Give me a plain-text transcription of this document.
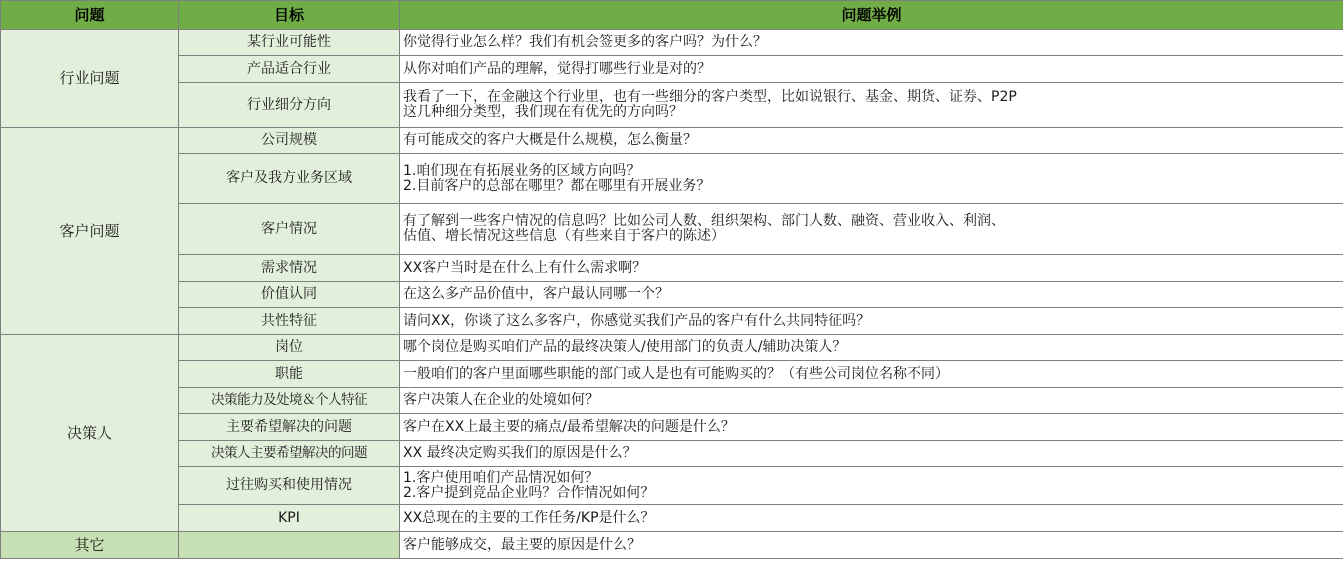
问题	目标	问题举例
行业问题	某行业可能性	你觉得行业怎么样？我们有机会签更多的客户吗？为什么？

	产品适合行业	从你对咱们产品的理解，觉得打哪些行业是对的？

	行业细分方向	我看了一下，在金融这个行业里，也有一些细分的客户类型，比如说银行、基金、期货、证券、P2P
这几种细分类型，我们现在有优先的方向吗？

客户问题	公司规模	有可能成交的客户大概是什么规模，怎么衡量？

	客户及我方业务区域	1.咱们现在有拓展业务的区域方向吗？
2.目前客户的总部在哪里？都在哪里有开展业务？

	客户情况	有了解到一些客户情况的信息吗？比如公司人数、组织架构、部门人数、融资、营业收入、利润、
估值、增长情况这些信息（有些来自于客户的陈述）

	需求情况	XX客户当时是在什么上有什么需求啊？

	价值认同	在这么多产品价值中，客户最认同哪一个？

	共性特征	请问XX，你谈了这么多客户，你感觉买我们产品的客户有什么共同特征吗？

决策人	岗位	哪个岗位是购买咱们产品的最终决策人/使用部门的负责人/辅助决策人？

	职能	一般咱们的客户里面哪些职能的部门或人是也有可能购买的？（有些公司岗位名称不同）

	决策能力及处境＆个人特征	客户决策人在企业的处境如何？

	主要希望解决的问题	客户在XX上最主要的痛点/最希望解决的问题是什么？

	决策人主要希望解决的问题	XX 最终决定购买我们的原因是什么？

	过往购买和使用情况	1.客户使用咱们产品情况如何？
2.客户提到竞品企业吗？合作情况如何？

	KPI	XX总现在的主要的工作任务/KP是什么？

其它		客户能够成交，最主要的原因是什么？
